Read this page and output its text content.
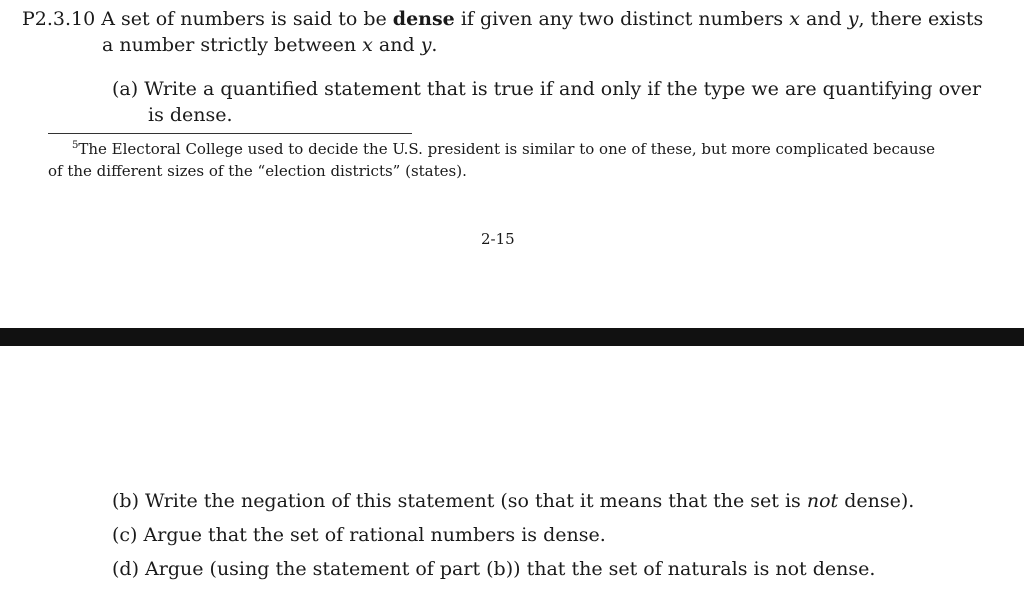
P2.3.10 A set of numbers is said to be dense if given any two distinct numbers x and y, there exists
a number strictly between x and y.
(a) Write a quantified statement that is true if and only if the type we are quantifying over
is dense.
$^5$The Electoral College used to decide the U.S. president is similar to one of these, but more complicated because
of the different sizes of the “election districts” (states).
2-15
(b) Write the negation of this statement (so that it means that the set is not dense).
(c) Argue that the set of rational numbers is dense.
(d) Argue (using the statement of part (b)) that the set of naturals is not dense.
